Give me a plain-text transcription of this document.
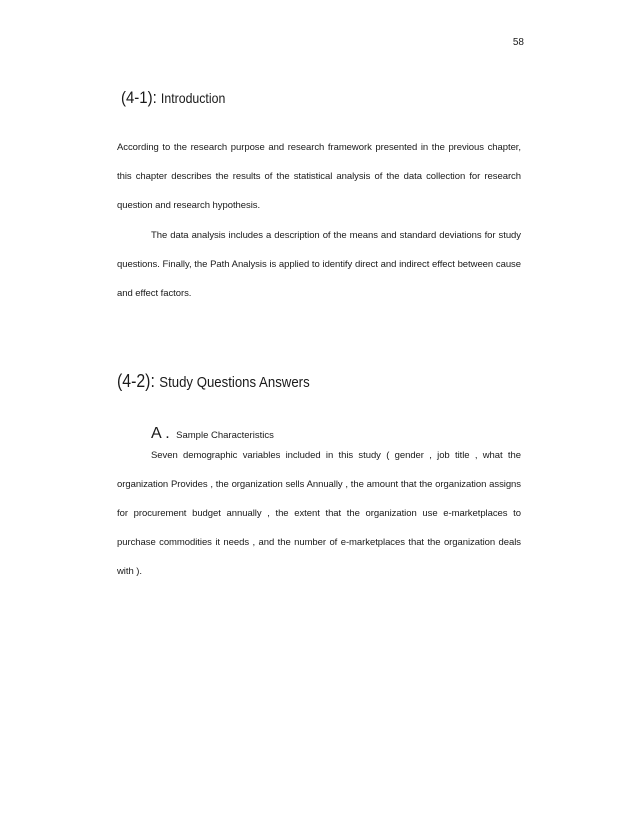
58
(4-1): Introduction

According to the research purpose and research framework presented in the previous chapter, this chapter describes the results of the statistical analysis of the data collection for research question and research hypothesis.

The data analysis includes a description of the means and standard deviations for study questions. Finally, the Path Analysis is applied to identify direct and indirect effect between cause and effect factors.

(4-2): Study Questions Answers
A . Sample Characteristics

Seven demographic variables included in this study ( gender , job title , what the organization Provides , the organization sells Annually , the amount that the organization assigns for procurement budget annually , the extent that the organization use e-marketplaces to purchase commodities it needs , and the number of e-marketplaces that the organization deals with ).
